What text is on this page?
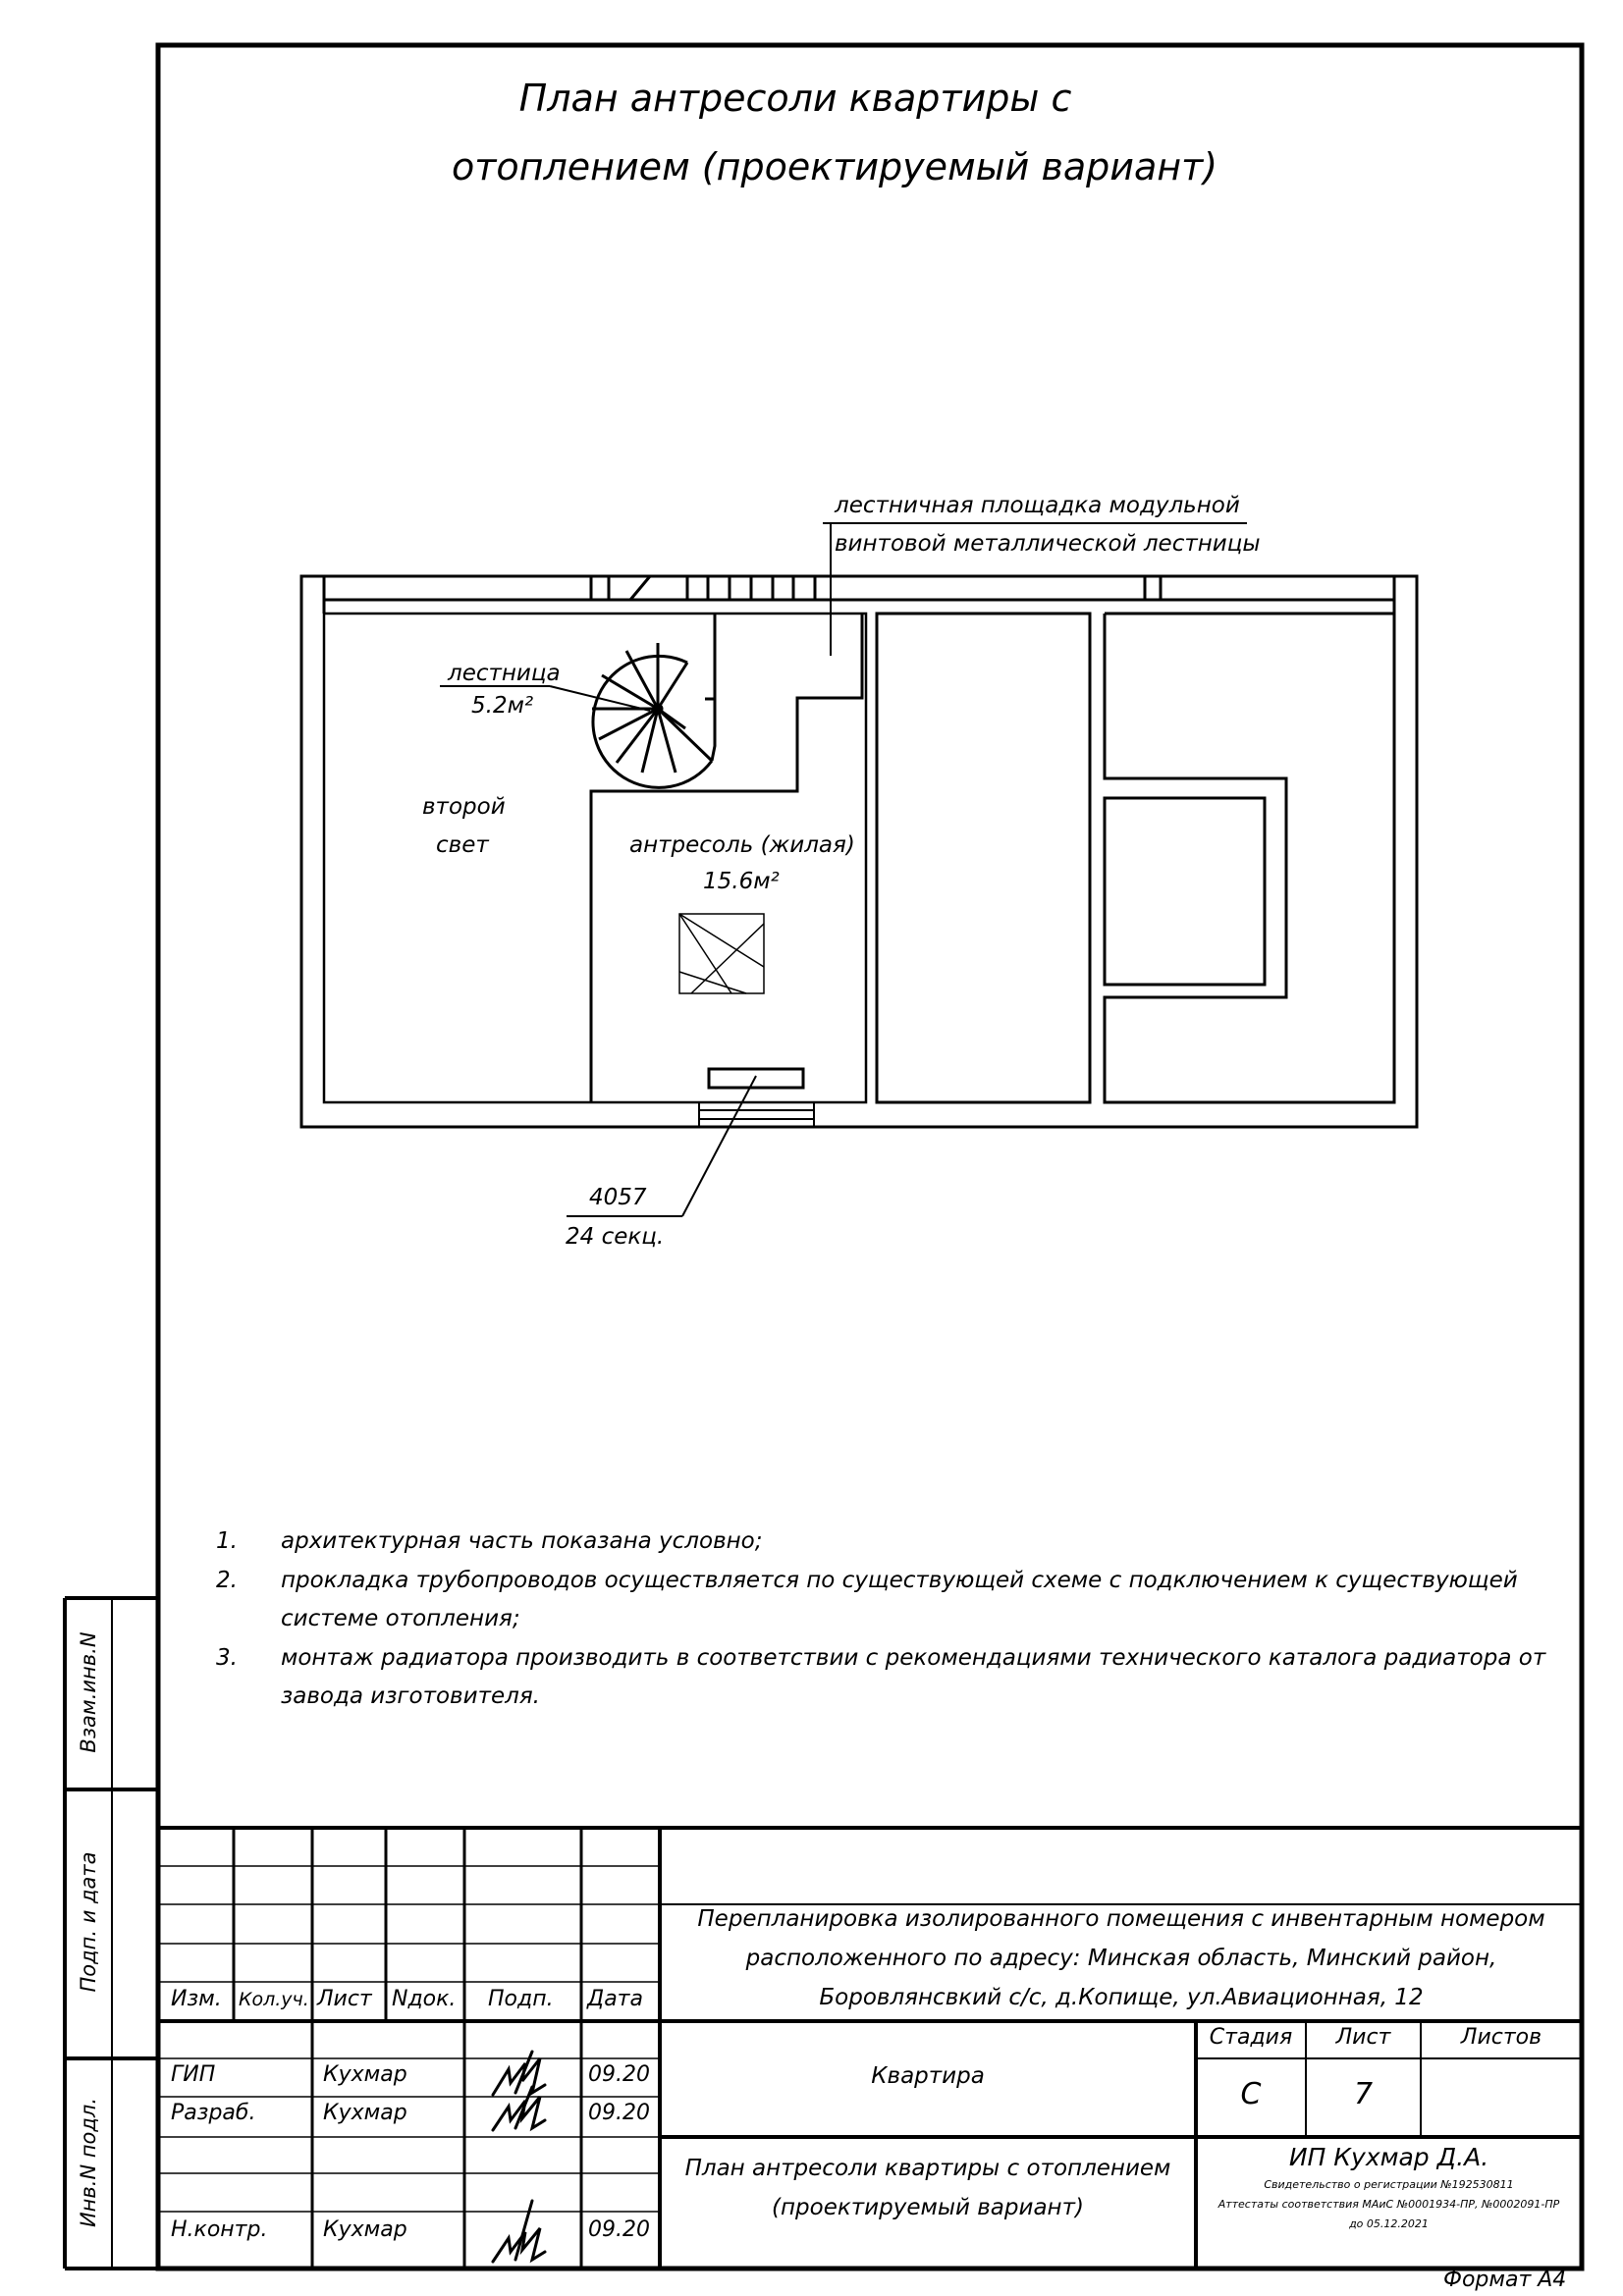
План антресоли квартиры с
отоплением (проектируемый вариант)
лестничная площадка модульной
винтовой металлической лестницы
лестница
5.2м²
второй
свет	антресоль (жилая)
15.6м²
4057
24 секц.
1. архитектурная часть показана условно;
2. прокладка трубопроводов осуществляется по существующей схеме с подключением к существующей
системе отопления;
3. монтаж радиатора производить в соответствии с рекомендациями технического каталога радиатора от
завода изготовителя.
Взам.инв.N
Подп. и дата
Инв.N подл.
Изм. Кол.уч. Лист Nдок. Подп. Дата
ГИП	Кухмар	09.20
Разраб.	Кухмар	09.20
Н.контр.	Кухмар	09.20
Перепланировка изолированного помещения с инвентарным номером
расположенного по адресу: Минская область, Минский район,
Боровлянсвкий с/с, д.Копище, ул.Авиационная, 12
Квартира
План антресоли квартиры с отоплением
(проектируемый вариант)
Стадия	Лист	Листов
С	7
ИП Кухмар Д.А.
Свидетельство о регистрации №192530811
Аттестаты соответствия МАиС №0001934-ПР, №0002091-ПР
до 05.12.2021
Формат А4
